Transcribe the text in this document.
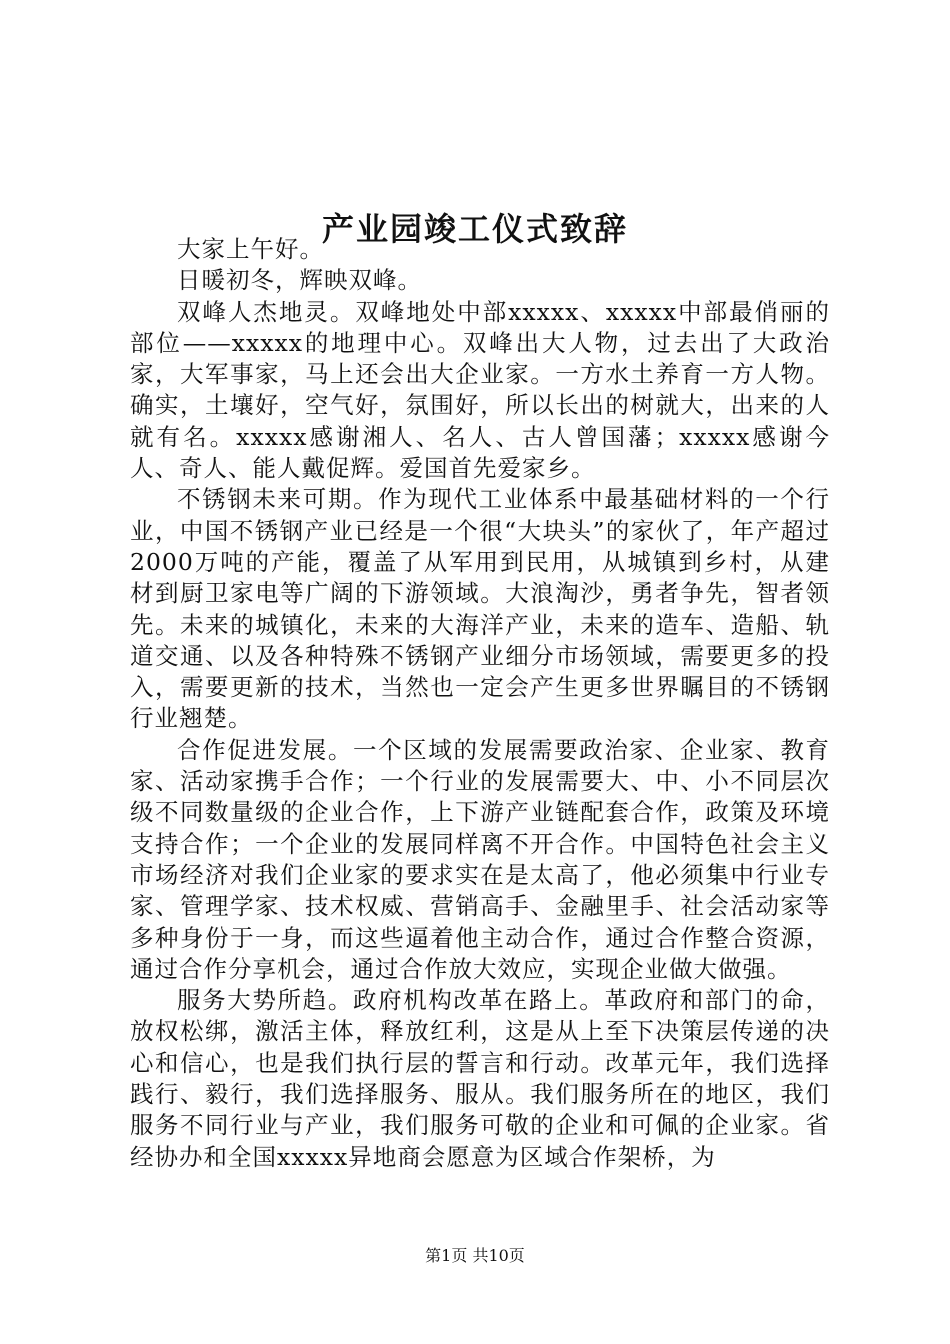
产业园竣工仪式致辞

大家上午好。

日暖初冬，辉映双峰。

双峰人杰地灵。双峰地处中部xxxxx、xxxxx中部最俏丽的部位——xxxxx的地理中心。双峰出大人物，过去出了大政治家，大军事家，马上还会出大企业家。一方水土养育一方人物。确实，土壤好，空气好，氛围好，所以长出的树就大，出来的人就有名。xxxxx感谢湘人、名人、古人曾国藩；xxxxx感谢今人、奇人、能人戴促辉。爱国首先爱家乡。

不锈钢未来可期。作为现代工业体系中最基础材料的一个行业，中国不锈钢产业已经是一个很“大块头”的家伙了，年产超过2000万吨的产能，覆盖了从军用到民用，从城镇到乡村，从建材到厨卫家电等广阔的下游领域。大浪淘沙，勇者争先，智者领先。未来的城镇化，未来的大海洋产业，未来的造车、造船、轨道交通、以及各种特殊不锈钢产业细分市场领域，需要更多的投入，需要更新的技术，当然也一定会产生更多世界瞩目的不锈钢行业翘楚。

合作促进发展。一个区域的发展需要政治家、企业家、教育家、活动家携手合作；一个行业的发展需要大、中、小不同层次级不同数量级的企业合作，上下游产业链配套合作，政策及环境支持合作；一个企业的发展同样离不开合作。中国特色社会主义市场经济对我们企业家的要求实在是太高了，他必须集中行业专家、管理学家、技术权威、营销高手、金融里手、社会活动家等多种身份于一身，而这些逼着他主动合作，通过合作整合资源，通过合作分享机会，通过合作放大效应，实现企业做大做强。

服务大势所趋。政府机构改革在路上。革政府和部门的命，放权松绑，激活主体，释放红利，这是从上至下决策层传递的决心和信心，也是我们执行层的誓言和行动。改革元年，我们选择践行、毅行，我们选择服务、服从。我们服务所在的地区，我们服务不同行业与产业，我们服务可敬的企业和可佩的企业家。省经协办和全国xxxxx异地商会愿意为区域合作架桥，为

第1页 共10页
